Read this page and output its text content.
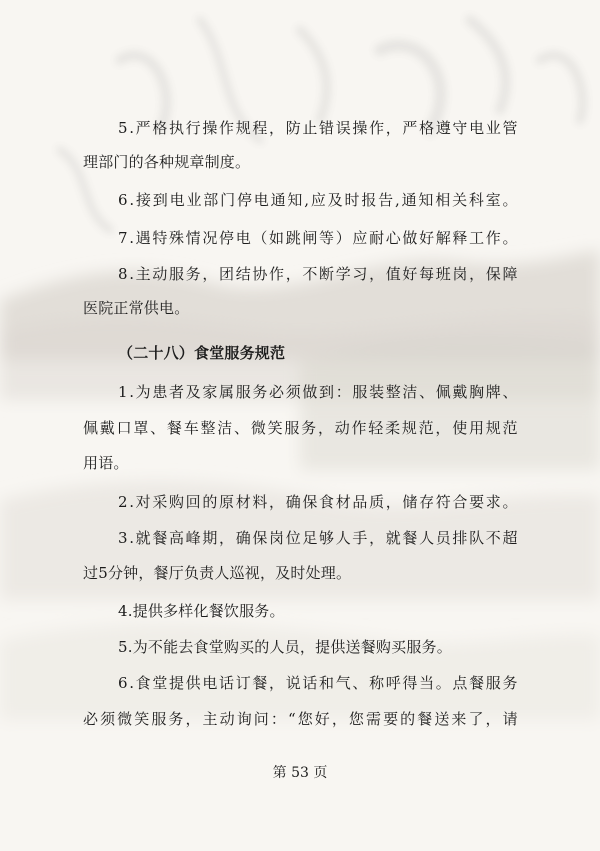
5 . 严 格 执 行 操 作 规 程 ， 防 止 错 误 操 作 ， 严 格 遵 守 电 业 管
理部门的各种规章制度。
6 . 接 到 电 业 部 门 停 电 通 知 , 应 及 时 报 告 , 通 知 相 关 科 室 。
7 . 遇 特 殊 情 况 停 电 （ 如 跳 闸 等 ） 应 耐 心 做 好 解 释 工 作 。
8 . 主 动 服 务 ， 团 结 协 作 ， 不 断 学 习 ， 值 好 每 班 岗 ， 保 障
医院正常供电。
（二十八）食堂服务规范
1 . 为 患 者 及 家 属 服 务 必 须 做 到 ： 服 装 整 洁 、 佩 戴 胸 牌 、
佩 戴 口 罩 、 餐 车 整 洁 、 微 笑 服 务 ， 动 作 轻 柔 规 范 ， 使 用 规 范
用语。
2 . 对 采 购 回 的 原 材 料 ， 确 保 食 材 品 质 ， 储 存 符 合 要 求 。
3 . 就 餐 高 峰 期 ， 确 保 岗 位 足 够 人 手 ， 就 餐 人 员 排 队 不 超
过5分钟，餐厅负责人巡视，及时处理。
4.提供多样化餐饮服务。
5.为不能去食堂购买的人员，提供送餐购买服务。
6 . 食 堂 提 供 电 话 订 餐 ， 说 话 和 气 、 称 呼 得 当 。 点 餐 服 务
必 须 微 笑 服 务 ， 主 动 询 问 ： “ 您 好 ， 您 需 要 的 餐 送 来 了 ， 请
第 53 页
